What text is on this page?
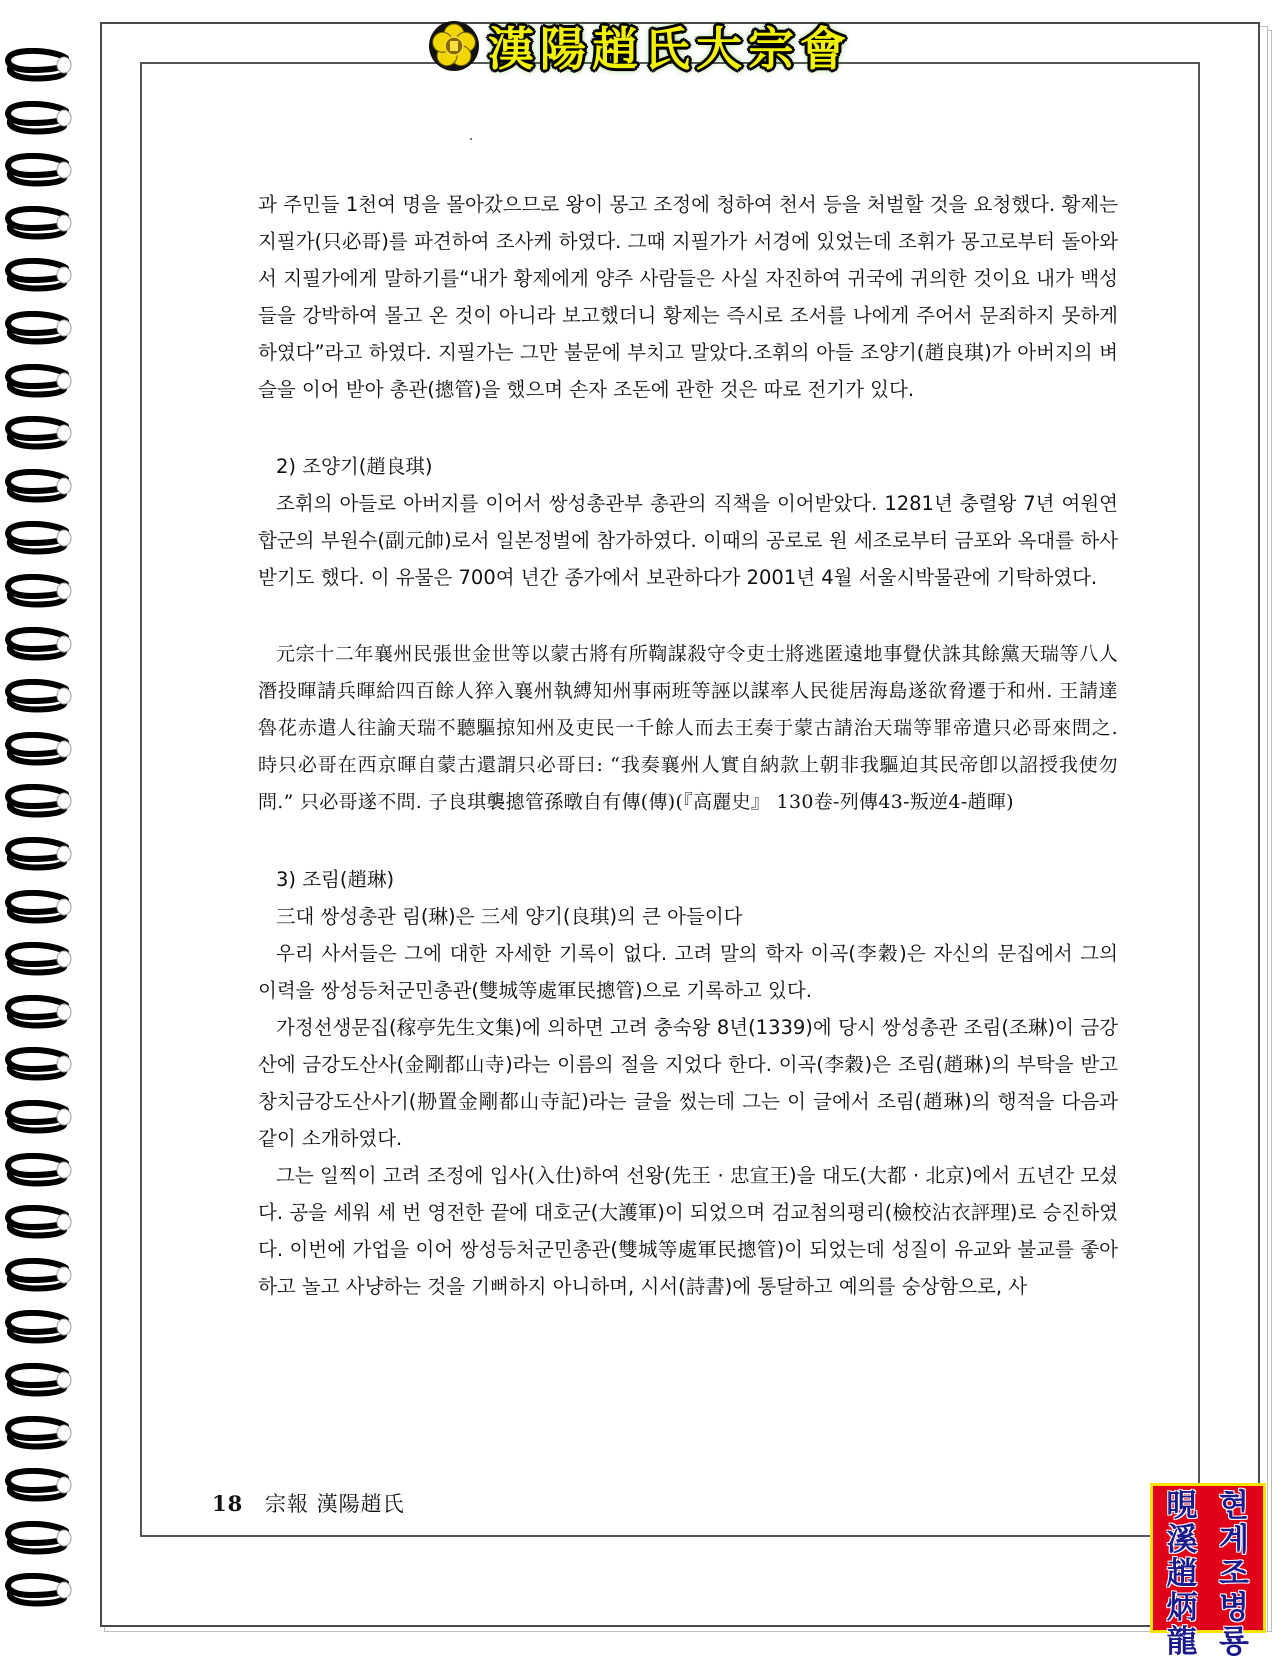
漢陽趙氏大宗會

과 주민들 1천여 명을 몰아갔으므로 왕이 몽고 조정에 청하여 천서 등을 처벌할 것을 요청했다. 황제는 지필가(只必哥)를 파견하여 조사케 하였다. 그때 지필가가 서경에 있었는데 조휘가 몽고로부터 돌아와서 지필가에게 말하기를“내가 황제에게 양주 사람들은 사실 자진하여 귀국에 귀의한 것이요 내가 백성들을 강박하여 몰고 온 것이 아니라 보고했더니 황제는 즉시로 조서를 나에게 주어서 문죄하지 못하게 하였다”라고 하였다. 지필가는 그만 불문에 부치고 말았다.조휘의 아들 조양기(趙良琪)가 아버지의 벼슬을 이어 받아 총관(摠管)을 했으며 손자 조돈에 관한 것은 따로 전기가 있다.

2) 조양기(趙良琪)

조휘의 아들로 아버지를 이어서 쌍성총관부 총관의 직책을 이어받았다. 1281년 충렬왕 7년 여원연합군의 부원수(副元帥)로서 일본정벌에 참가하였다. 이때의 공로로 원 세조로부터 금포와 옥대를 하사받기도 했다. 이 유물은 700여 년간 종가에서 보관하다가 2001년 4월 서울시박물관에 기탁하였다.

元宗十二年襄州民張世金世等以蒙古將有所鞫謀殺守令吏士將逃匿遠地事覺伏誅其餘黨天瑞等八人潛投暉請兵暉給四百餘人猝入襄州執縛知州事兩班等誣以謀率人民徙居海島遂欲脅遷于和州. 王請達魯花赤遣人往諭天瑞不聽驅掠知州及吏民一千餘人而去王奏于蒙古請治天瑞等罪帝遣只必哥來問之. 時只必哥在西京暉自蒙古還謂只必哥曰: “我奏襄州人實自納款上朝非我驅迫其民帝卽以詔授我使勿問.” 只必哥遂不問. 子良琪襲摠管孫暾自有傳(傳)(『高麗史』 130卷-列傳43-叛逆4-趙暉)

3) 조림(趙琳)

三대 쌍성총관 림(琳)은 三세 양기(良琪)의 큰 아들이다

우리 사서들은 그에 대한 자세한 기록이 없다. 고려 말의 학자 이곡(李穀)은 자신의 문집에서 그의 이력을 쌍성등처군민총관(雙城等處軍民摠管)으로 기록하고 있다.

가정선생문집(稼亭先生文集)에 의하면 고려 충숙왕 8년(1339)에 당시 쌍성총관 조림(조琳)이 금강산에 금강도산사(金剛都山寺)라는 이름의 절을 지었다 한다. 이곡(李穀)은 조림(趙琳)의 부탁을 받고 창치금강도산사기(刱置金剛都山寺記)라는 글을 썼는데 그는 이 글에서 조림(趙琳)의 행적을 다음과 같이 소개하였다.

그는 일찍이 고려 조정에 입사(入仕)하여 선왕(先王 · 忠宣王)을 대도(大都 · 北京)에서 五년간 모셨다. 공을 세워 세 번 영전한 끝에 대호군(大護軍)이 되었으며 검교첨의평리(檢校沾衣評理)로 승진하였다. 이번에 가업을 이어 쌍성등처군민총관(雙城等處軍民摠管)이 되었는데 성질이 유교와 불교를 좋아하고 놀고 사냥하는 것을 기뻐하지 아니하며, 시서(詩書)에 통달하고 예의를 숭상함으로, 사

18 宗報 漢陽趙氏	현
계
조
병
룡
晛
溪
趙
炳
龍
